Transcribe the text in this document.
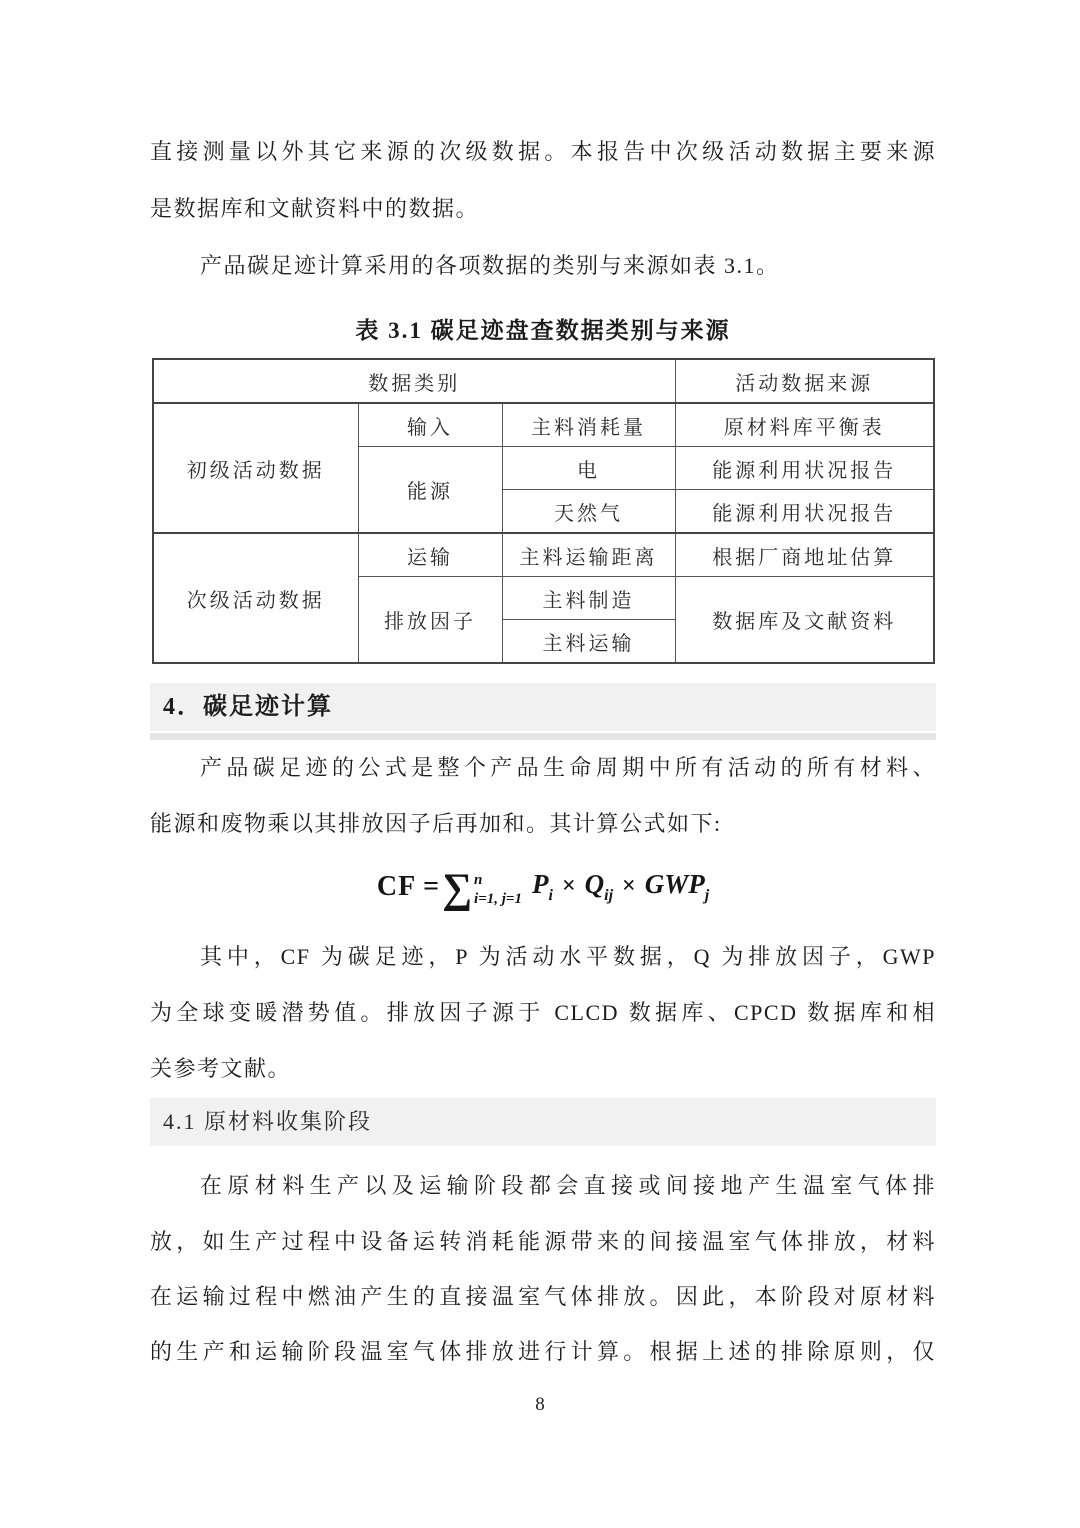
直接测量以外其它来源的次级数据。本报告中次级活动数据主要来源
是数据库和文献资料中的数据。
产品碳足迹计算采用的各项数据的类别与来源如表 3.1。
表 3.1 碳足迹盘查数据类别与来源
数据类别			活动数据来源
初级活动数据	输入	主料消耗量	原材料库平衡表
	能源	电	能源利用状况报告
		天然气	能源利用状况报告
次级活动数据	运输	主料运输距离	根据厂商地址估算
	排放因子	主料制造	数据库及文献资料
		主料运输	
4．碳足迹计算
产品碳足迹的公式是整个产品生命周期中所有活动的所有材料、
能源和废物乘以其排放因子后再加和。其计算公式如下:
CF = ∑ n
i=1, j=1 $P_i \times Q_{ij} \times GWP_j$
其中，CF 为碳足迹，P 为活动水平数据，Q 为排放因子，GWP
为全球变暖潜势值。排放因子源于 CLCD 数据库、CPCD 数据库和相
关参考文献。
4.1 原材料收集阶段
在原材料生产以及运输阶段都会直接或间接地产生温室气体排
放，如生产过程中设备运转消耗能源带来的间接温室气体排放，材料
在运输过程中燃油产生的直接温室气体排放。因此，本阶段对原材料
的生产和运输阶段温室气体排放进行计算。根据上述的排除原则，仅
8
